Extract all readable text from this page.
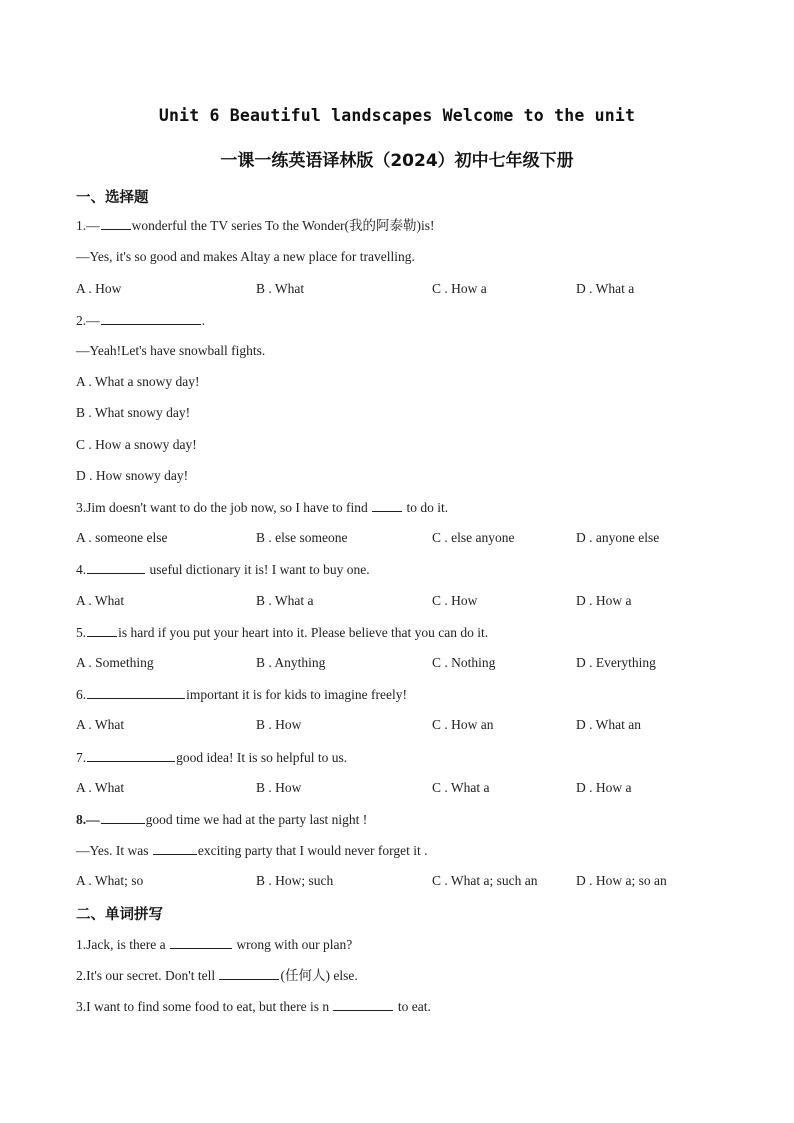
Unit 6 Beautiful landscapes Welcome to the unit
一课一练英语译林版（2024）初中七年级下册
一、选择题
1.— wonderful the TV series To the Wonder(我的阿泰勒)is!
—Yes, it's so good and makes Altay a new place for travelling.
A . How	B . What	C . How a	D . What a
2.—	.
—Yeah!Let's have snowball fights.
A . What a snowy day!
B . What snowy day!
C . How a snowy day!
D . How snowy day!
3.Jim doesn't want to do the job now, so I have to find  to do it.
A . someone else	B . else someone	C . else anyone	D . anyone else
4.	useful dictionary it is! I want to buy one.
A . What	B . What a	C . How	D . How a
5. is hard if you put your heart into it. Please believe that you can do it.
A . Something	B . Anything	C . Nothing	D . Everything
6.	important it is for kids to imagine freely!
A . What	B . How	C . How an	D . What an
7.	good idea! It is so helpful to us.
A . What	B . How	C . What a	D . How a
8.—	good time we had at the party last night !
—Yes. It was	exciting party that I would never forget it .
A . What; so	B . How; such	C . What a; such an	D . How a; so an
二、单词拼写
1.Jack, is there a	wrong with our plan?
2.It's our secret. Don't tell	(任何人) else.
3.I want to find some food to eat, but there is n	to eat.
